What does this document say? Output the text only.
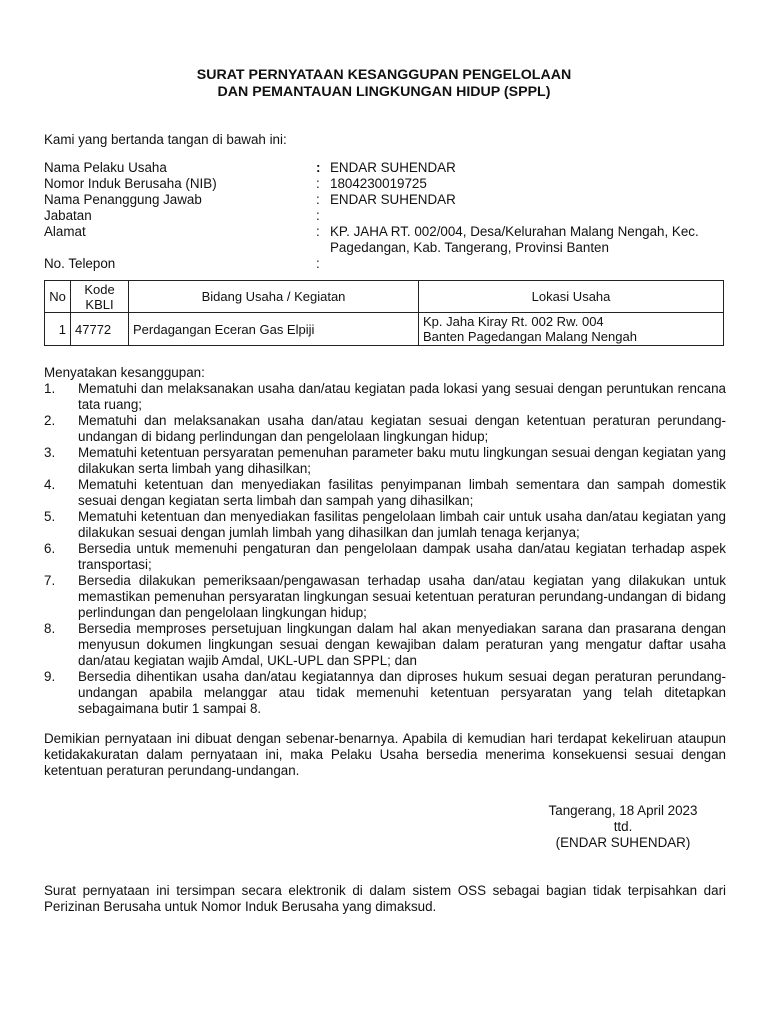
SURAT PERNYATAAN KESANGGUPAN PENGELOLAAN
DAN PEMANTAUAN LINGKUNGAN HIDUP (SPPL)
Kami yang bertanda tangan di bawah ini:
Nama Pelaku Usaha	: ENDAR SUHENDAR
Nomor Induk Berusaha (NIB)	: 1804230019725
Nama Penanggung Jawab	: ENDAR SUHENDAR
Jabatan	:
Alamat	: KP. JAHA RT. 002/004, Desa/Kelurahan Malang Nengah, Kec.
Pagedangan, Kab. Tangerang, Provinsi Banten
No. Telepon	:
No	Kode KBLI	Bidang Usaha / Kegiatan	Lokasi Usaha
1	47772	Perdagangan Eceran Gas Elpiji	Kp. Jaha Kiray Rt. 002 Rw. 004
Banten Pagedangan Malang Nengah
Menyatakan kesanggupan:
1. Mematuhi dan melaksanakan usaha dan/atau kegiatan pada lokasi yang sesuai dengan peruntukan rencana tata ruang;
2. Mematuhi dan melaksanakan usaha dan/atau kegiatan sesuai dengan ketentuan peraturan perundang-undangan di bidang perlindungan dan pengelolaan lingkungan hidup;
3. Mematuhi ketentuan persyaratan pemenuhan parameter baku mutu lingkungan sesuai dengan kegiatan yang dilakukan serta limbah yang dihasilkan;
4. Mematuhi ketentuan dan menyediakan fasilitas penyimpanan limbah sementara dan sampah domestik sesuai dengan kegiatan serta limbah dan sampah yang dihasilkan;
5. Mematuhi ketentuan dan menyediakan fasilitas pengelolaan limbah cair untuk usaha dan/atau kegiatan yang dilakukan sesuai dengan jumlah limbah yang dihasilkan dan jumlah tenaga kerjanya;
6. Bersedia untuk memenuhi pengaturan dan pengelolaan dampak usaha dan/atau kegiatan terhadap aspek transportasi;
7. Bersedia dilakukan pemeriksaan/pengawasan terhadap usaha dan/atau kegiatan yang dilakukan untuk memastikan pemenuhan persyaratan lingkungan sesuai ketentuan peraturan perundang-undangan di bidang perlindungan dan pengelolaan lingkungan hidup;
8. Bersedia memproses persetujuan lingkungan dalam hal akan menyediakan sarana dan prasarana dengan menyusun dokumen lingkungan sesuai dengan kewajiban dalam peraturan yang mengatur daftar usaha dan/atau kegiatan wajib Amdal, UKL-UPL dan SPPL; dan
9. Bersedia dihentikan usaha dan/atau kegiatannya dan diproses hukum sesuai degan peraturan perundang-undangan apabila melanggar atau tidak memenuhi ketentuan persyaratan yang telah ditetapkan sebagaimana butir 1 sampai 8.
Demikian pernyataan ini dibuat dengan sebenar-benarnya. Apabila di kemudian hari terdapat kekeliruan ataupun ketidakakuratan dalam pernyataan ini, maka Pelaku Usaha bersedia menerima konsekuensi sesuai dengan ketentuan peraturan perundang-undangan.
Tangerang, 18 April 2023
ttd.
(ENDAR SUHENDAR)
Surat pernyataan ini tersimpan secara elektronik di dalam sistem OSS sebagai bagian tidak terpisahkan dari Perizinan Berusaha untuk Nomor Induk Berusaha yang dimaksud.
